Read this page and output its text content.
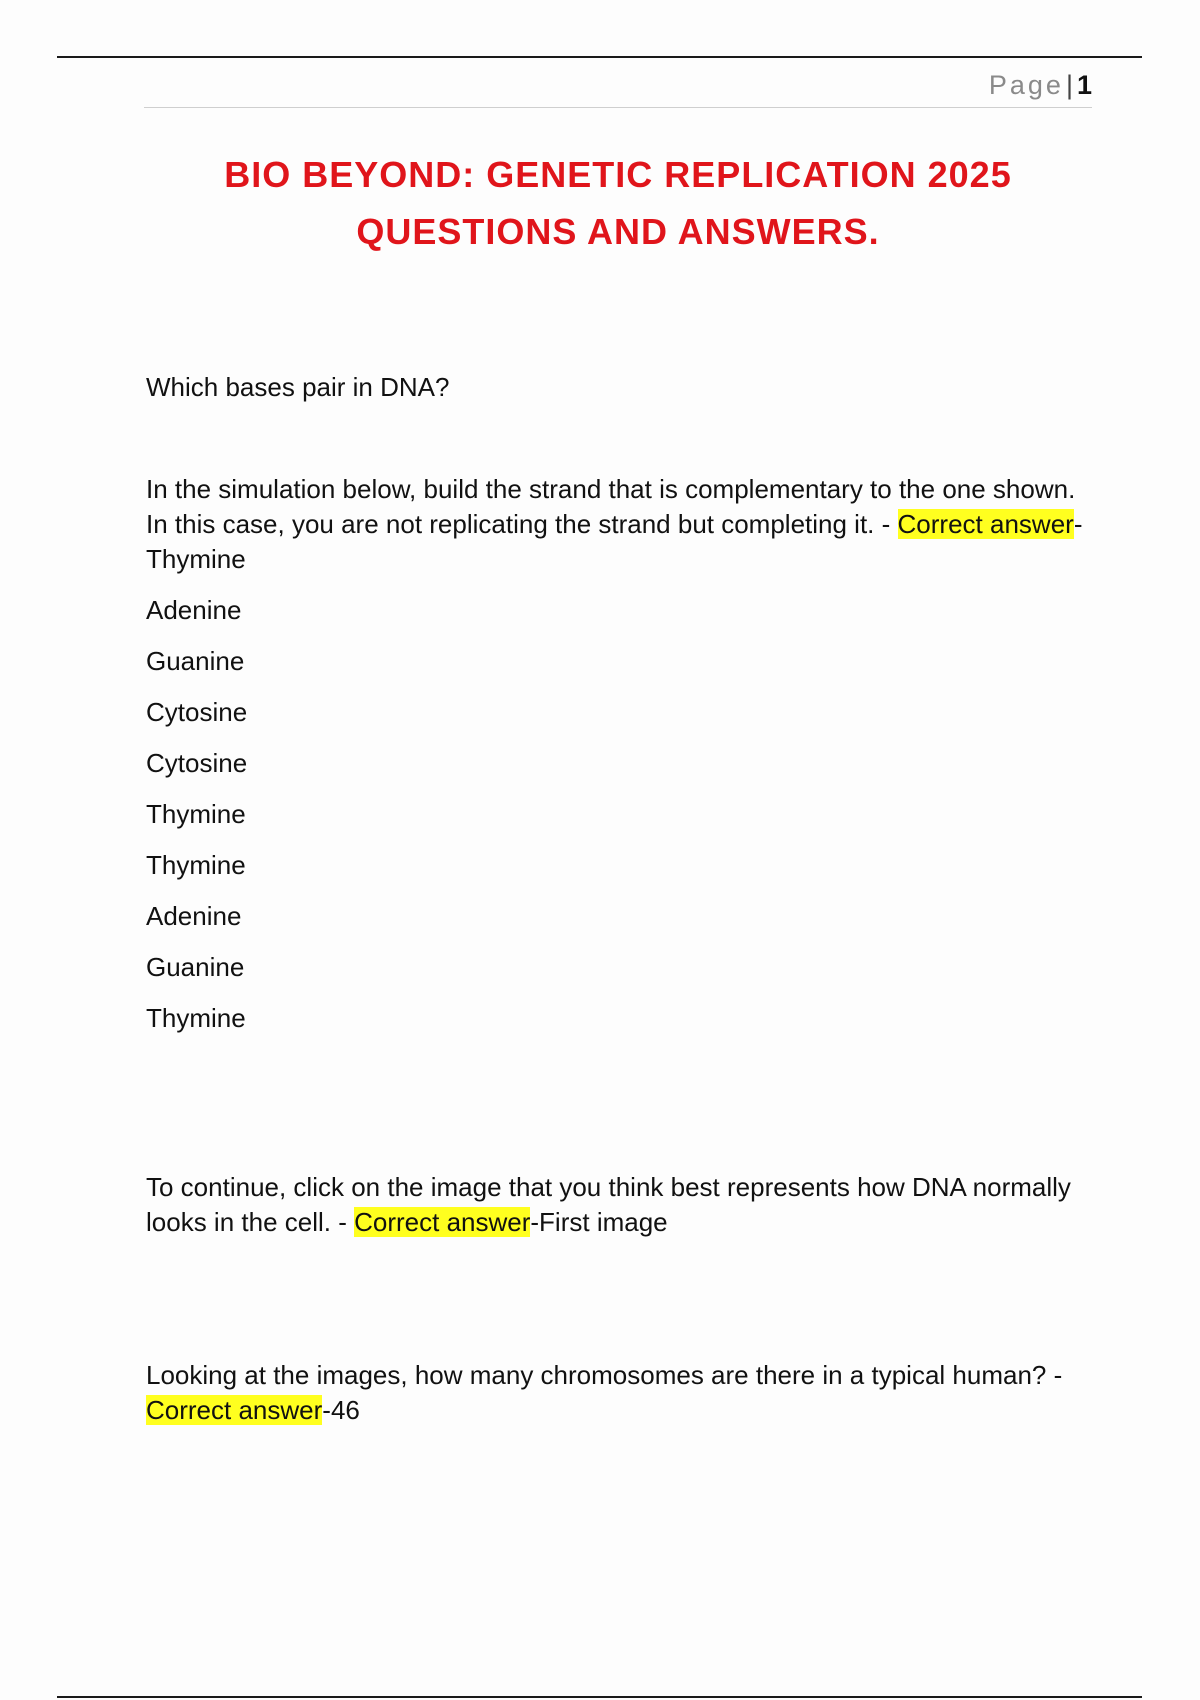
Page| 1
BIO BEYOND: GENETIC REPLICATION 2025
QUESTIONS AND ANSWERS.

Which bases pair in DNA?

In the simulation below, build the strand that is complementary to the one shown. In this case, you are not replicating the strand but completing it. - Correct answer-Thymine

Adenine
Guanine
Cytosine
Cytosine
Thymine
Thymine
Adenine
Guanine
Thymine

To continue, click on the image that you think best represents how DNA normally looks in the cell. - Correct answer-First image

Looking at the images, how many chromosomes are there in a typical human? - Correct answer-46
